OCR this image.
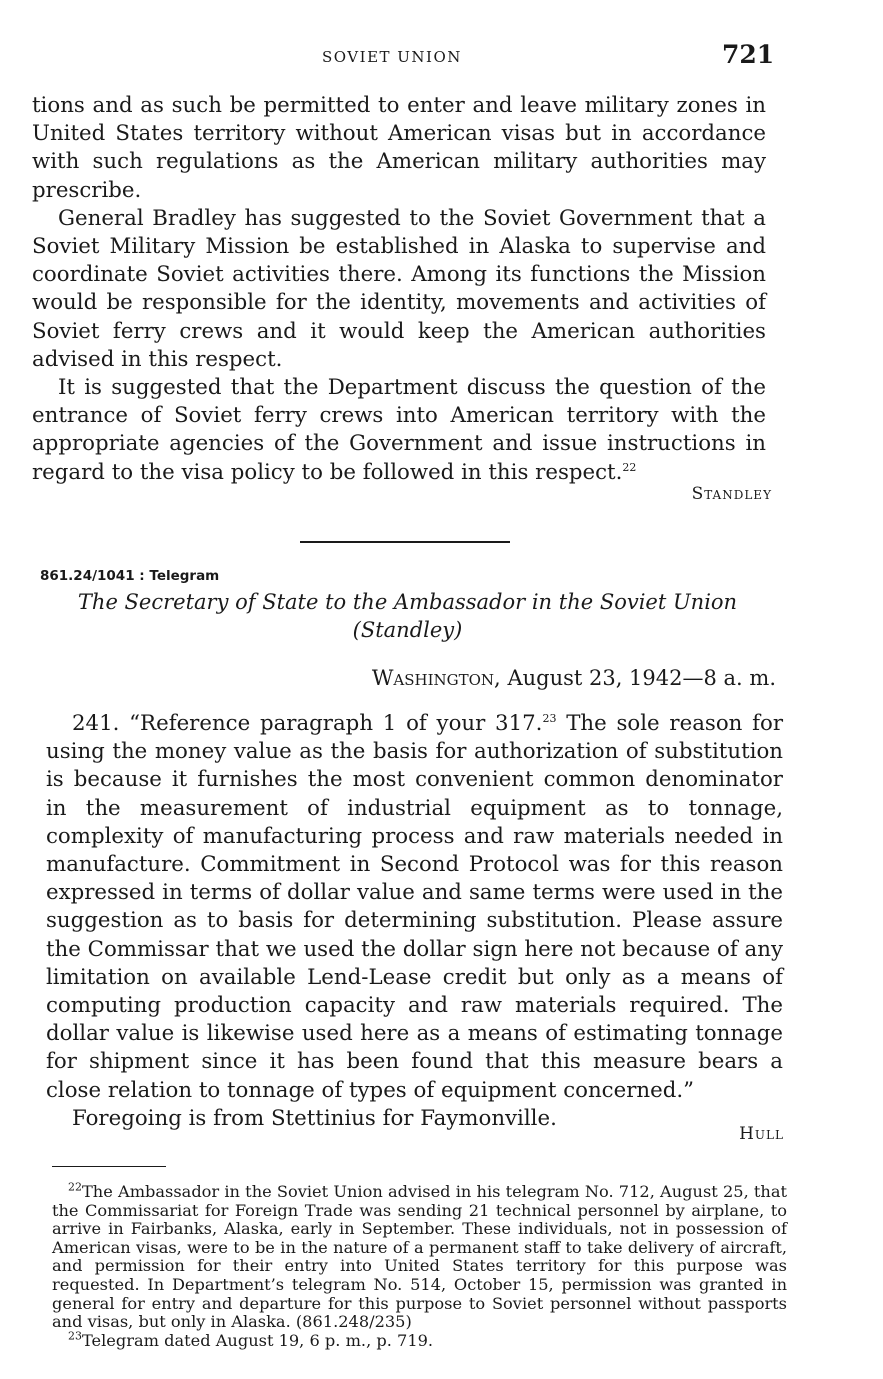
SOVIET UNION	721

tions and as such be permitted to enter and leave military zones in United States territory without American visas but in accordance with such regulations as the American military authorities may prescribe.

General Bradley has suggested to the Soviet Government that a Soviet Military Mission be established in Alaska to supervise and coordinate Soviet activities there. Among its functions the Mission would be responsible for the identity, movements and activities of Soviet ferry crews and it would keep the American authorities advised in this respect.

It is suggested that the Department discuss the question of the entrance of Soviet ferry crews into American territory with the appropriate agencies of the Government and issue instructions in regard to the visa policy to be followed in this respect.$^{22}$

Standley
861.24/1041 : Telegram
The Secretary of State to the Ambassador in the Soviet Union
(Standley)
Washington, August 23, 1942—8 a. m.

241. “Reference paragraph 1 of your 317.23 The sole reason for using the money value as the basis for authorization of substitution is because it furnishes the most convenient common denominator in the measurement of industrial equipment as to tonnage, complexity of manufacturing process and raw materials needed in manufacture. Commitment in Second Protocol was for this reason expressed in terms of dollar value and same terms were used in the suggestion as to basis for determining substitution. Please assure the Commissar that we used the dollar sign here not because of any limitation on available Lend-Lease credit but only as a means of computing production capacity and raw materials required. The dollar value is likewise used here as a means of estimating tonnage for shipment since it has been found that this measure bears a close relation to tonnage of types of equipment concerned.”

Foregoing is from Stettinius for Faymonville.

Hull

$^{22}$The Ambassador in the Soviet Union advised in his telegram No. 712, August 25, that the Commissariat for Foreign Trade was sending 21 technical personnel by airplane, to arrive in Fairbanks, Alaska, early in September. These individuals, not in possession of American visas, were to be in the nature of a permanent staff to take delivery of aircraft, and permission for their entry into United States territory for this purpose was requested. In Department’s telegram No. 514, October 15, permission was granted in general for entry and departure for this purpose to Soviet personnel without passports and visas, but only in Alaska. (861.248/235)

$^{23}$Telegram dated August 19, 6 p. m., p. 719.
